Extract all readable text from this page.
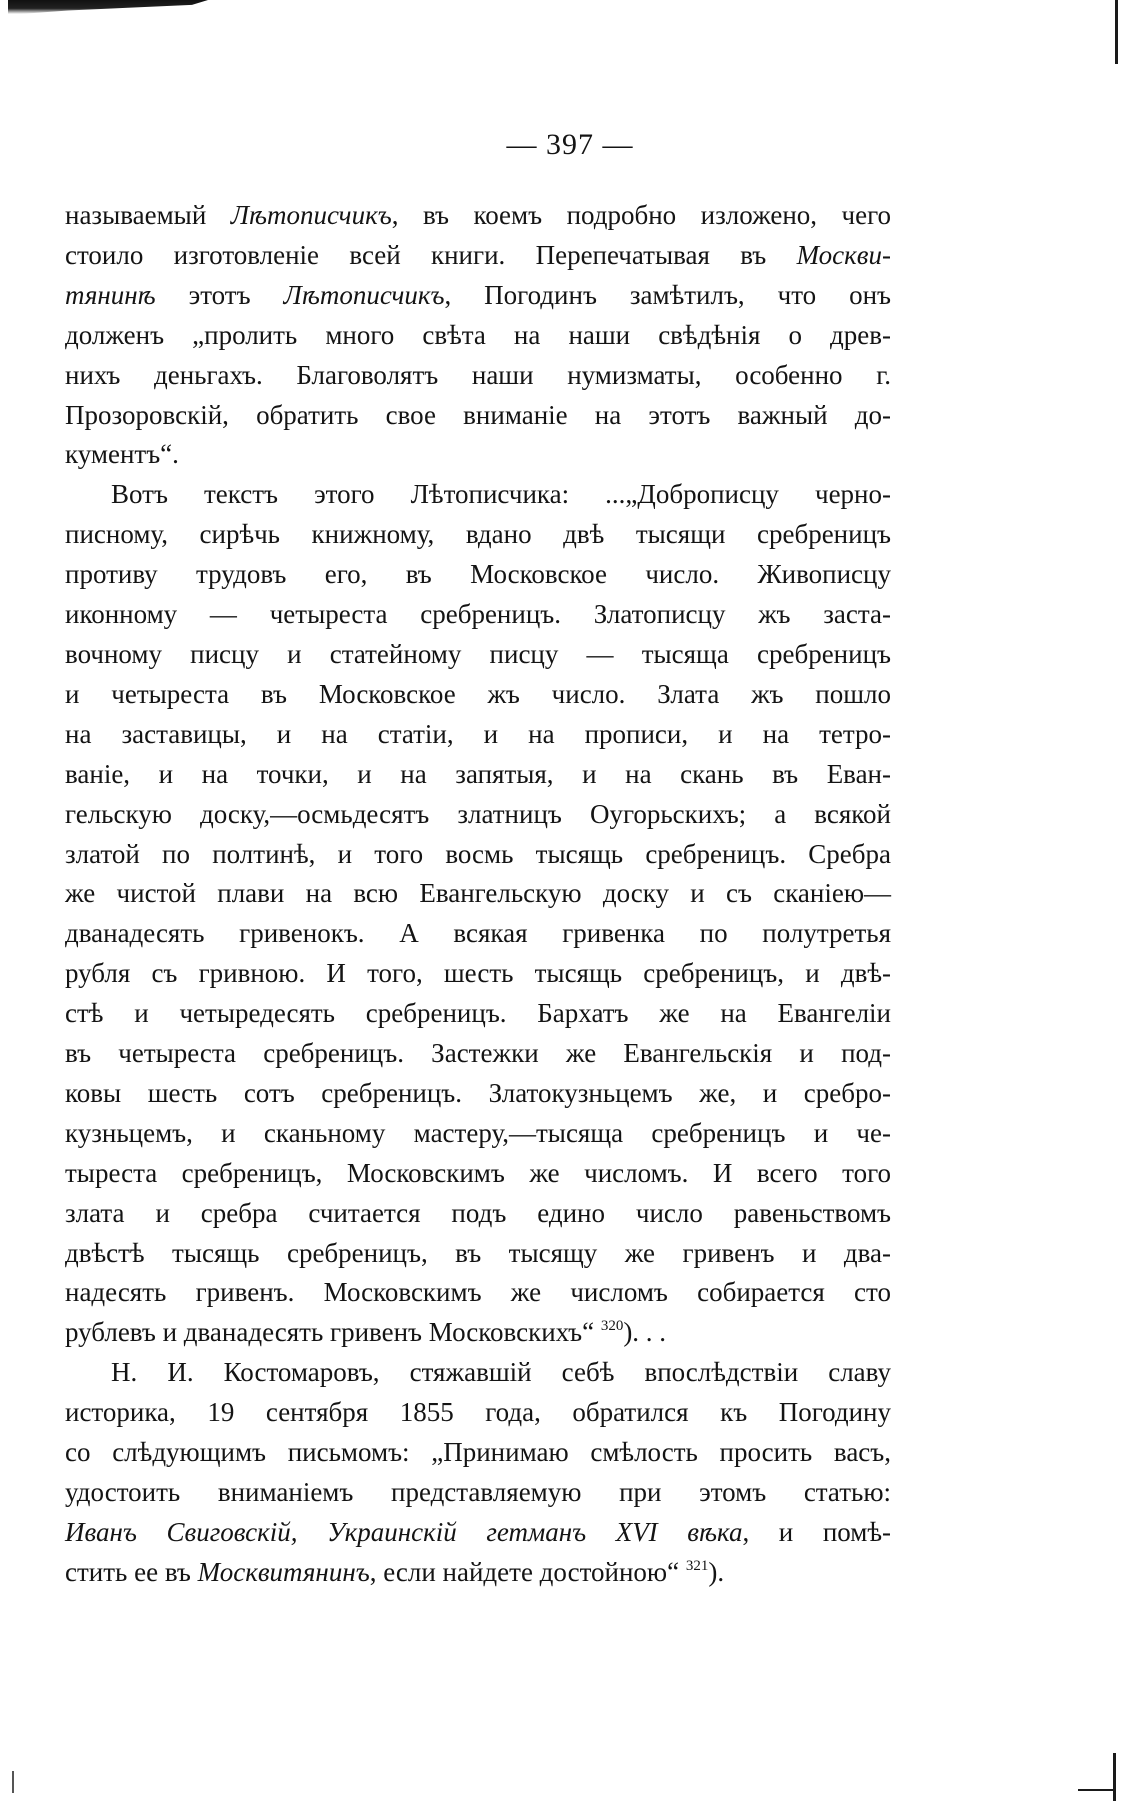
— 397 —
называемый Лѣтописчикъ, въ коемъ подробно изложено, чего
стоило изготовленіе всей книги. Перепечатывая въ Москви-
тянинѣ этотъ Лѣтописчикъ, Погодинъ замѣтилъ, что онъ
долженъ „пролить много свѣта на наши свѣдѣнія о древ-
нихъ деньгахъ. Благоволятъ наши нумизматы, особенно г.
Прозоровскій, обратить свое вниманіе на этотъ важный до-
кументъ“.
Вотъ текстъ этого Лѣтописчика: ...„Доброписцу черно-
писному, сирѣчь книжному, вдано двѣ тысящи сребреницъ
противу трудовъ его, въ Московское число. Живописцу
иконному — четыреста сребреницъ. Златописцу жъ заста-
вочному писцу и статейному писцу — тысяща сребреницъ
и четыреста въ Московское жъ число. Злата жъ пошло
на заставицы, и на статіи, и на прописи, и на тетро-
ваніе, и на точки, и на запятыя, и на скань въ Еван-
гельскую доску,—осмьдесятъ златницъ Оугорьскихъ; а всякой
златой по полтинѣ, и того восмь тысящь сребреницъ. Сребра
же чистой плави на всю Евангельскую доску и съ сканіею—
дванадесять гривенокъ. А всякая гривенка по полутретья
рубля съ гривною. И того, шесть тысящь сребреницъ, и двѣ-
стѣ и четыредесять сребреницъ. Бархатъ же на Евангеліи
въ четыреста сребреницъ. Застежки же Евангельскія и под-
ковы шесть сотъ сребреницъ. Златокузньцемъ же, и сребро-
кузньцемъ, и сканьному мастеру,—тысяща сребреницъ и че-
тыреста сребреницъ, Московскимъ же числомъ. И всего того
злата и сребра считается подъ едино число равеньствомъ
двѣстѣ тысящь сребреницъ, въ тысящу же гривенъ и два-
надесять гривенъ. Московскимъ же числомъ собирается сто
рублевъ и дванадесять гривенъ Московскихъ“ $^{320}$). . .
Н. И. Костомаровъ, стяжавшій себѣ впослѣдствіи славу
историка, 19 сентября 1855 года, обратился къ Погодину
со слѣдующимъ письмомъ: „Принимаю смѣлость просить васъ,
удостоить вниманіемъ представляемую при этомъ статью:
Иванъ Свиговскій, Украинскій гетманъ XVI вѣка, и помѣ-
стить ее въ Москвитянинъ, если найдете достойною“ $^{321}$).
